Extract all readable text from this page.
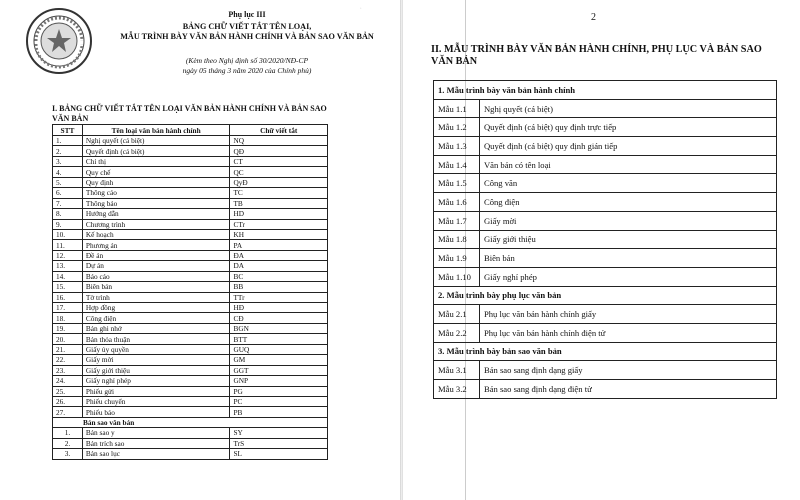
Phụ lục III
BẢNG CHỮ VIẾT TẮT TÊN LOẠI,
MẪU TRÌNH BÀY VĂN BẢN HÀNH CHÍNH VÀ BẢN SAO VĂN BẢN
(Kèm theo Nghị định số 30/2020/NĐ-CP
ngày 05 tháng 3 năm 2020 của Chính phủ)
I. BẢNG CHỮ VIẾT TẮT TÊN LOẠI VĂN BẢN HÀNH CHÍNH VÀ BẢN SAO VĂN BẢN
STT	Tên loại văn bản hành chính	Chữ viết tắt
1.	Nghị quyết (cá biệt)	NQ
2.	Quyết định (cá biệt)	QĐ
3.	Chỉ thị	CT
4.	Quy chế	QC
5.	Quy định	QyĐ
6.	Thông cáo	TC
7.	Thông báo	TB
8.	Hướng dẫn	HD
9.	Chương trình	CTr
10.	Kế hoạch	KH
11.	Phương án	PA
12.	Đề án	ĐA
13.	Dự án	DA
14.	Báo cáo	BC
15.	Biên bản	BB
16.	Tờ trình	TTr
17.	Hợp đồng	HĐ
18.	Công điện	CĐ
19.	Bản ghi nhớ	BGN
20.	Bản thỏa thuận	BTT
21.	Giấy ủy quyền	GUQ
22.	Giấy mời	GM
23.	Giấy giới thiệu	GGT
24.	Giấy nghỉ phép	GNP
25.	Phiếu gửi	PG
26.	Phiếu chuyển	PC
27.	Phiếu báo	PB
Bản sao văn bản		
1.	Bản sao y	SY
2.	Bản trích sao	TrS
3.	Bản sao lục	SL
·
2
II. MẪU TRÌNH BÀY VĂN BẢN HÀNH CHÍNH, PHỤ LỤC VÀ BẢN SAO VĂN BẢN
1. Mẫu trình bày văn bản hành chính	
Mẫu 1.1	Nghị quyết (cá biệt)
Mẫu 1.2	Quyết định (cá biệt) quy định trực tiếp
Mẫu 1.3	Quyết định (cá biệt) quy định gián tiếp
Mẫu 1.4	Văn bản có tên loại
Mẫu 1.5	Công văn
Mẫu 1.6	Công điện
Mẫu 1.7	Giấy mời
Mẫu 1.8	Giấy giới thiệu
Mẫu 1.9	Biên bản
Mẫu 1.10	Giấy nghỉ phép
2. Mẫu trình bày phụ lục văn bản	
Mẫu 2.1	Phụ lục văn bản hành chính giấy
Mẫu 2.2	Phụ lục văn bản hành chính điện tử
3. Mẫu trình bày bản sao văn bản	
Mẫu 3.1	Bản sao sang định dạng giấy
Mẫu 3.2	Bản sao sang định dạng điện tử
